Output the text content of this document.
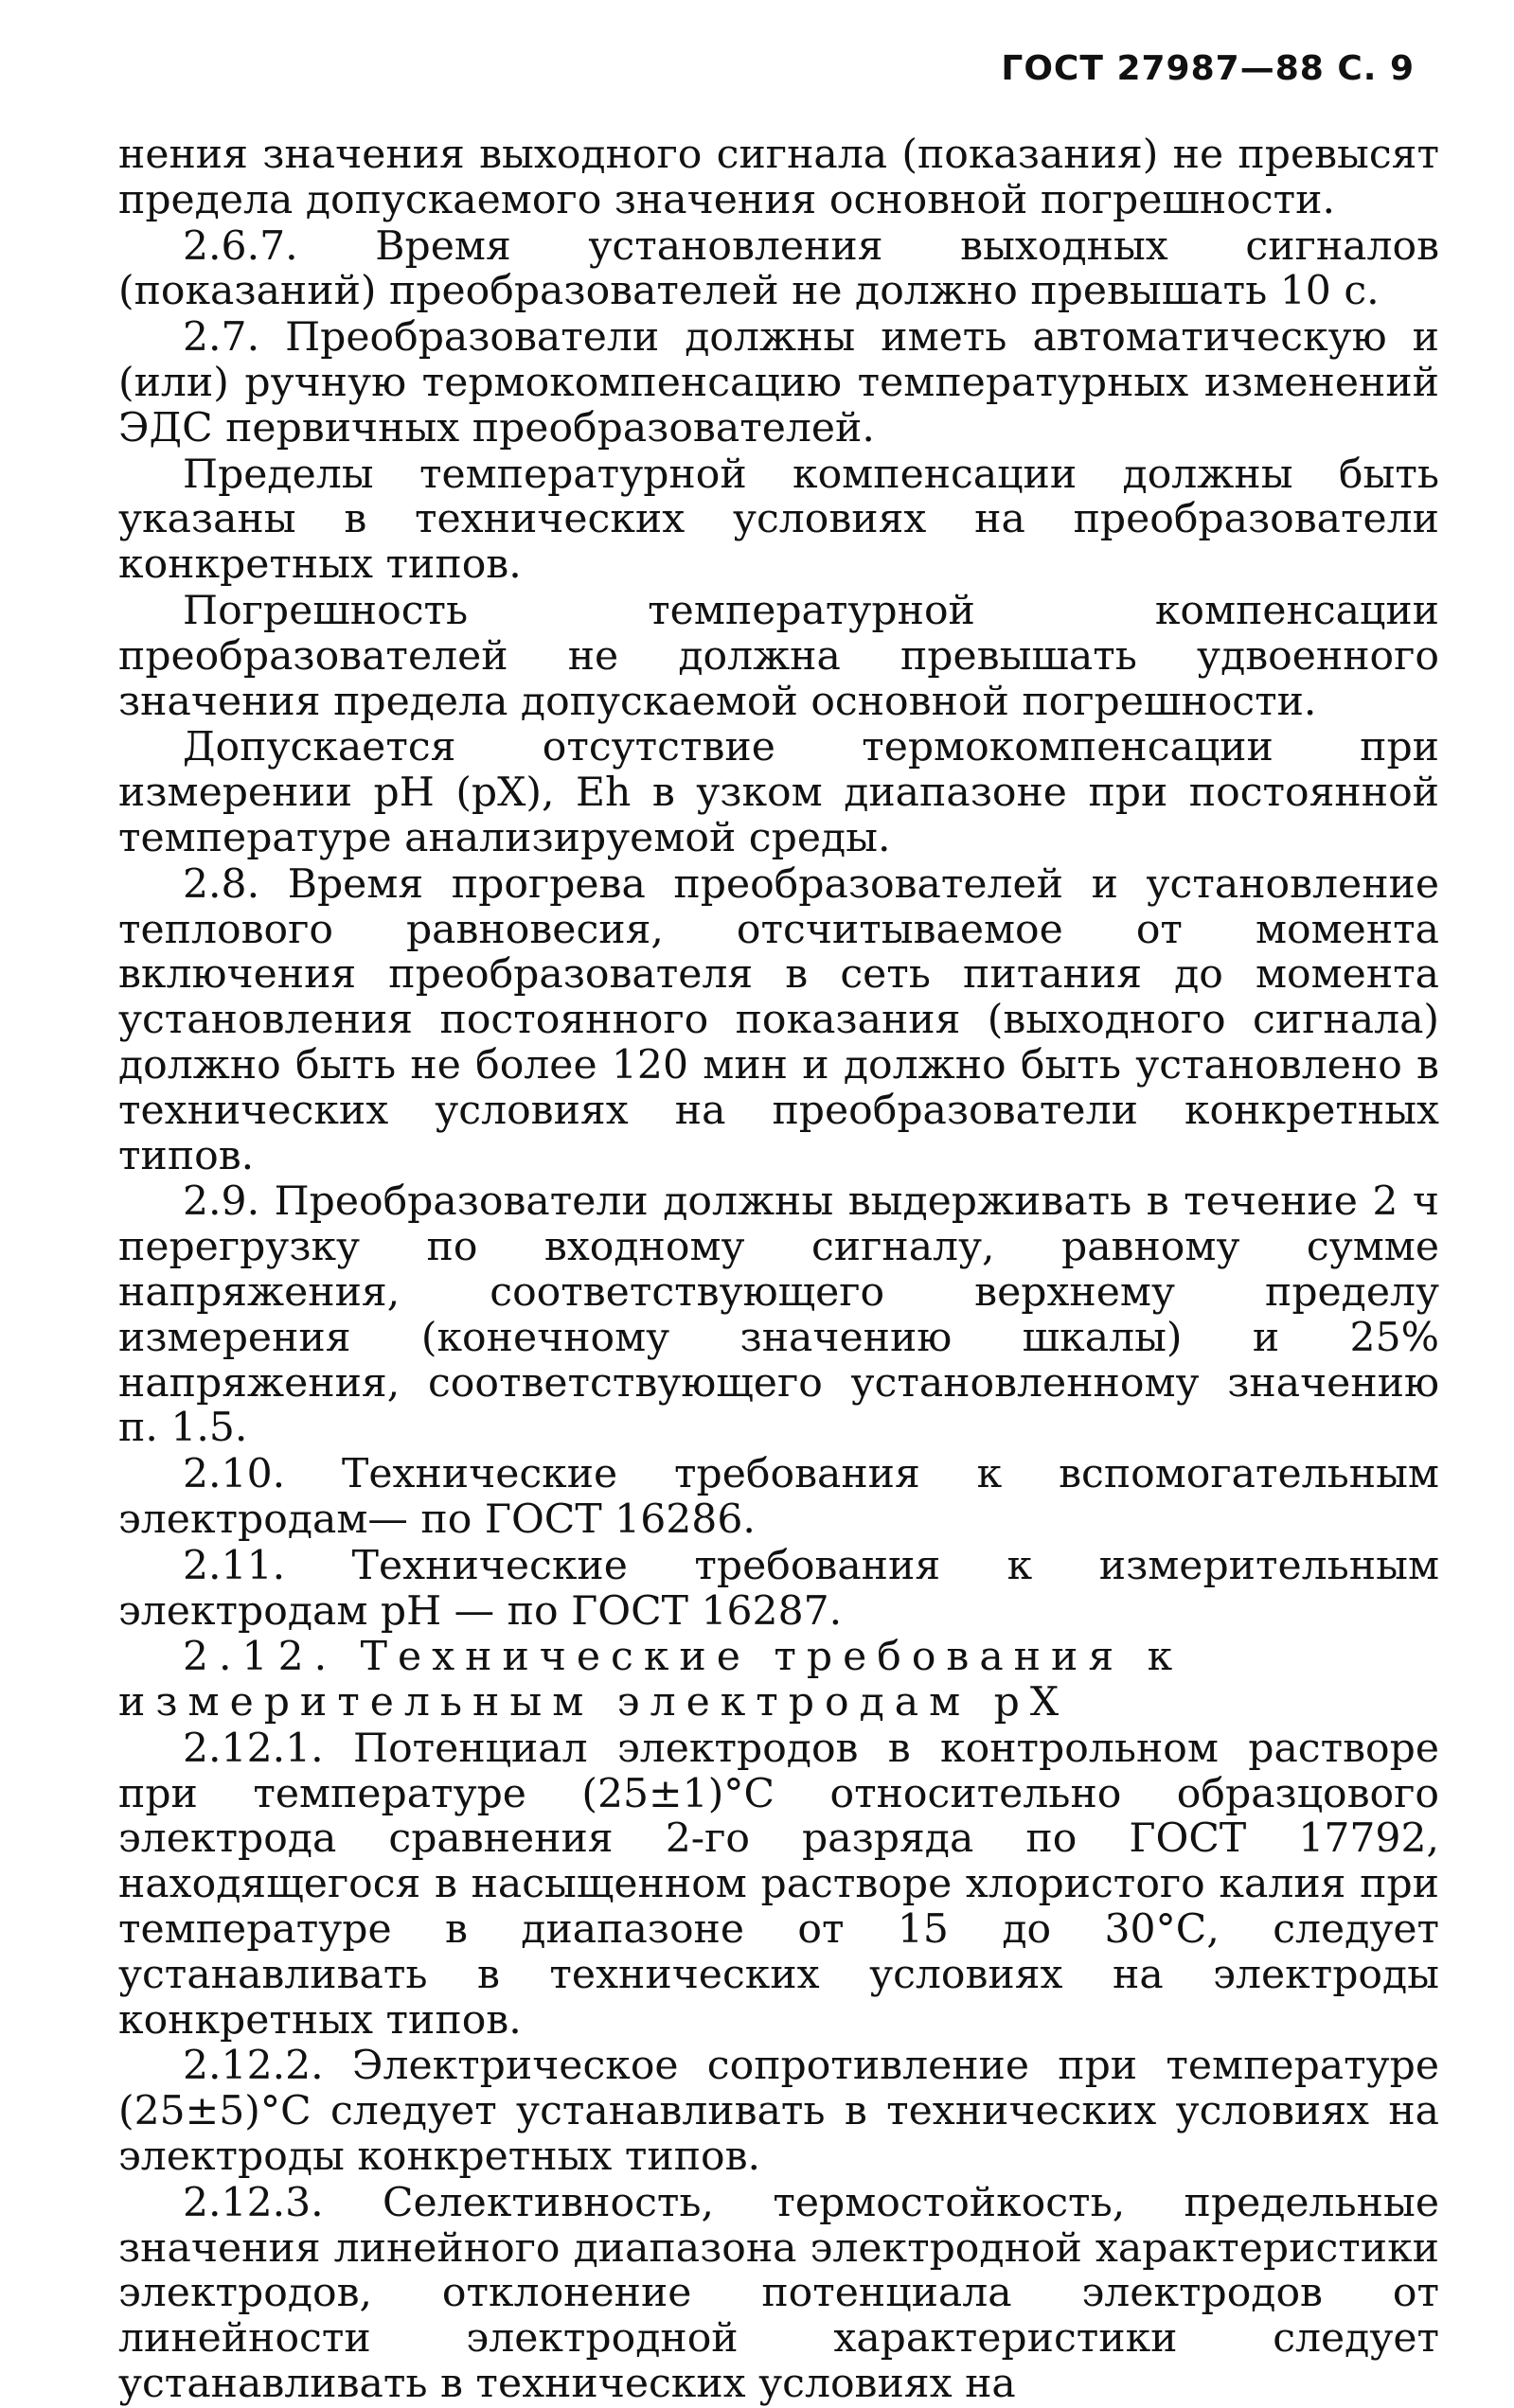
ГОСТ 27987—88 С. 9

нения значения выходного сигнала (показания) не превысят предела допускаемого значения основной погрешности.

2.6.7. Время установления выходных сигналов (показаний) преобразователей не должно превышать 10 с.

2.7. Преобразователи должны иметь автоматическую и (или) ручную термокомпенсацию температурных изменений ЭДС первичных преобразователей.

Пределы температурной компенсации должны быть указаны в технических условиях на преобразователи конкретных типов.

Погрешность температурной компенсации преобразователей не должна превышать удвоенного значения предела допускаемой основной погрешности.

Допускается отсутствие термокомпенсации при измерении pH (pX), Eh в узком диапазоне при постоянной температуре анализируемой среды.

2.8. Время прогрева преобразователей и установление теплового равновесия, отсчитываемое от момента включения преобразователя в сеть питания до момента установления постоянного показания (выходного сигнала) должно быть не более 120 мин и должно быть установлено в технических условиях на преобразователи конкретных типов.

2.9. Преобразователи должны выдерживать в течение 2 ч перегрузку по входному сигналу, равному сумме напряжения, соответствующего верхнему пределу измерения (конечному значению шкалы) и 25% напряжения, соответствующего установленному значению п. 1.5.

2.10. Технические требования к вспомогательным электродам— по ГОСТ 16286.

2.11. Технические требования к измерительным электродам pH — по ГОСТ 16287.

2.12. Технические требования к измерительным электродам pX

2.12.1. Потенциал электродов в контрольном растворе при температуре (25±1)°С относительно образцового электрода сравнения 2-го разряда по ГОСТ 17792, находящегося в насыщенном растворе хлористого калия при температуре в диапазоне от 15 до 30°С, следует устанавливать в технических условиях на электроды конкретных типов.

2.12.2. Электрическое сопротивление при температуре (25±5)°С следует устанавливать в технических условиях на электроды конкретных типов.

2.12.3. Селективность, термостойкость, предельные значения линейного диапазона электродной характеристики электродов, отклонение потенциала электродов от линейности электродной характеристики следует устанавливать в технических условиях на
